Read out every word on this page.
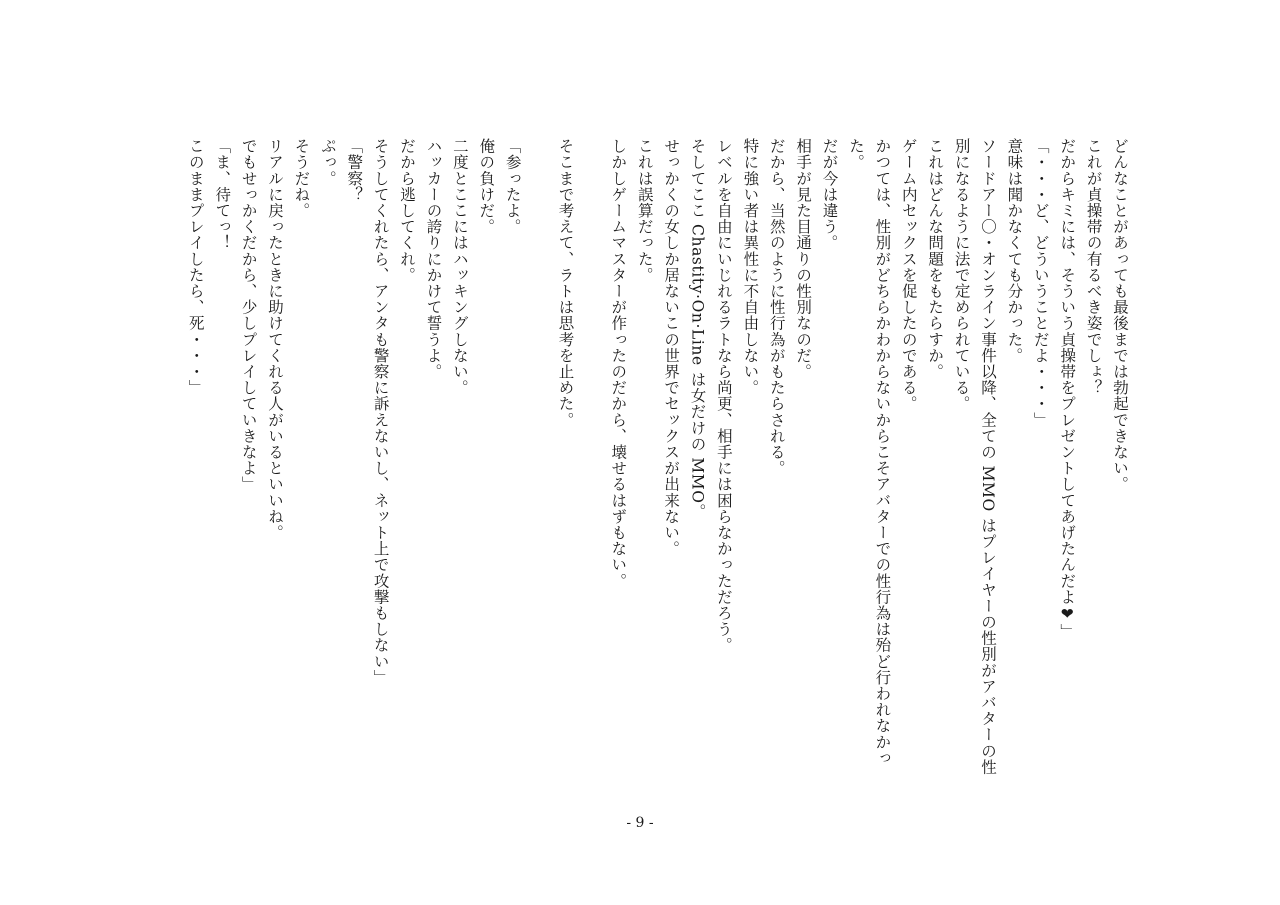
どんなことがあっても最後までは勃起できない。
これが貞操帯の有るべき姿でしょ？
だからキミには、そういう貞操帯をプレゼントしてあげたんだよ❤」
「・・・ど、どういうことだよ・・・」
意味は聞かなくても分かった。
ソードアー〇・オンライン事件以降、全ての MMO はプレイヤーの性別がアバターの性
別になるように法で定められている。
これはどんな問題をもたらすか。
ゲーム内セックスを促したのである。
かつては、性別がどちらかわからないからこそアバターでの性行為は殆ど行われなかっ
た。
だが今は違う。
相手が見た目通りの性別なのだ。
だから、当然のように性行為がもたらされる。
特に強い者は異性に不自由しない。
レベルを自由にいじれるラトなら尚更、相手には困らなかっただろう。
そしてここ Chastity·On·Line は女だけの MMO。
せっかくの女しか居ないこの世界でセックスが出来ない。
これは誤算だった。
しかしゲームマスターが作ったのだから、壊せるはずもない。
そこまで考えて、ラトは思考を止めた。
「参ったよ。
俺の負けだ。
二度とここにはハッキングしない。
ハッカーの誇りにかけて誓うよ。
だから逃してくれ。
そうしてくれたら、アンタも警察に訴えないし、ネット上で攻撃もしない」
「警察？
ぷっ。
そうだね。
リアルに戻ったときに助けてくれる人がいるといいね。
でもせっかくだから、少しプレイしていきなよ」
「ま、待てっ！
このままプレイしたら、死・・・」
- 9 -
